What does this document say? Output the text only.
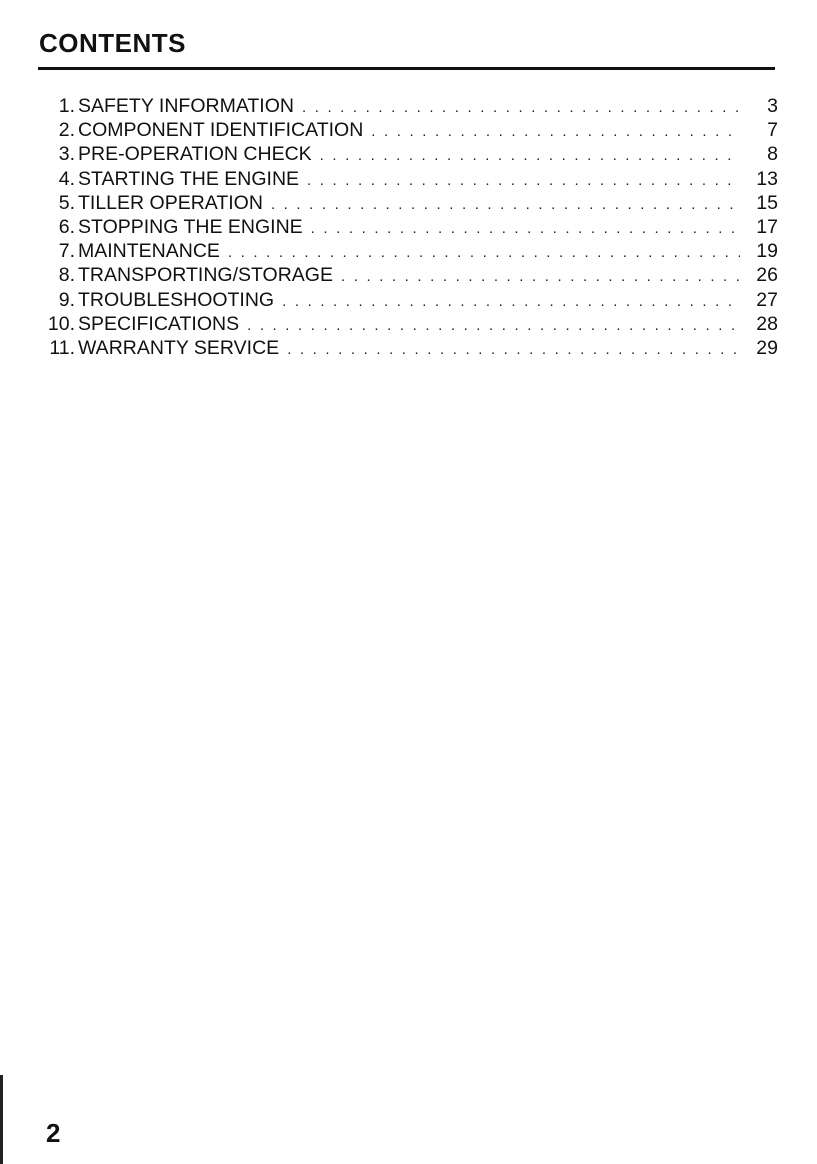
CONTENTS
1. SAFETY INFORMATION . . .	3
2. COMPONENT IDENTIFICATION . . .	7
3. PRE-OPERATION CHECK . . .	8
4. STARTING THE ENGINE . . .	13
5. TILLER OPERATION . . .	15
6. STOPPING THE ENGINE . . .	17
7. MAINTENANCE . . .	19
8. TRANSPORTING/STORAGE . . .	26
9. TROUBLESHOOTING . . .	27
10. SPECIFICATIONS . . .	28
11. WARRANTY SERVICE . . .	29
2
